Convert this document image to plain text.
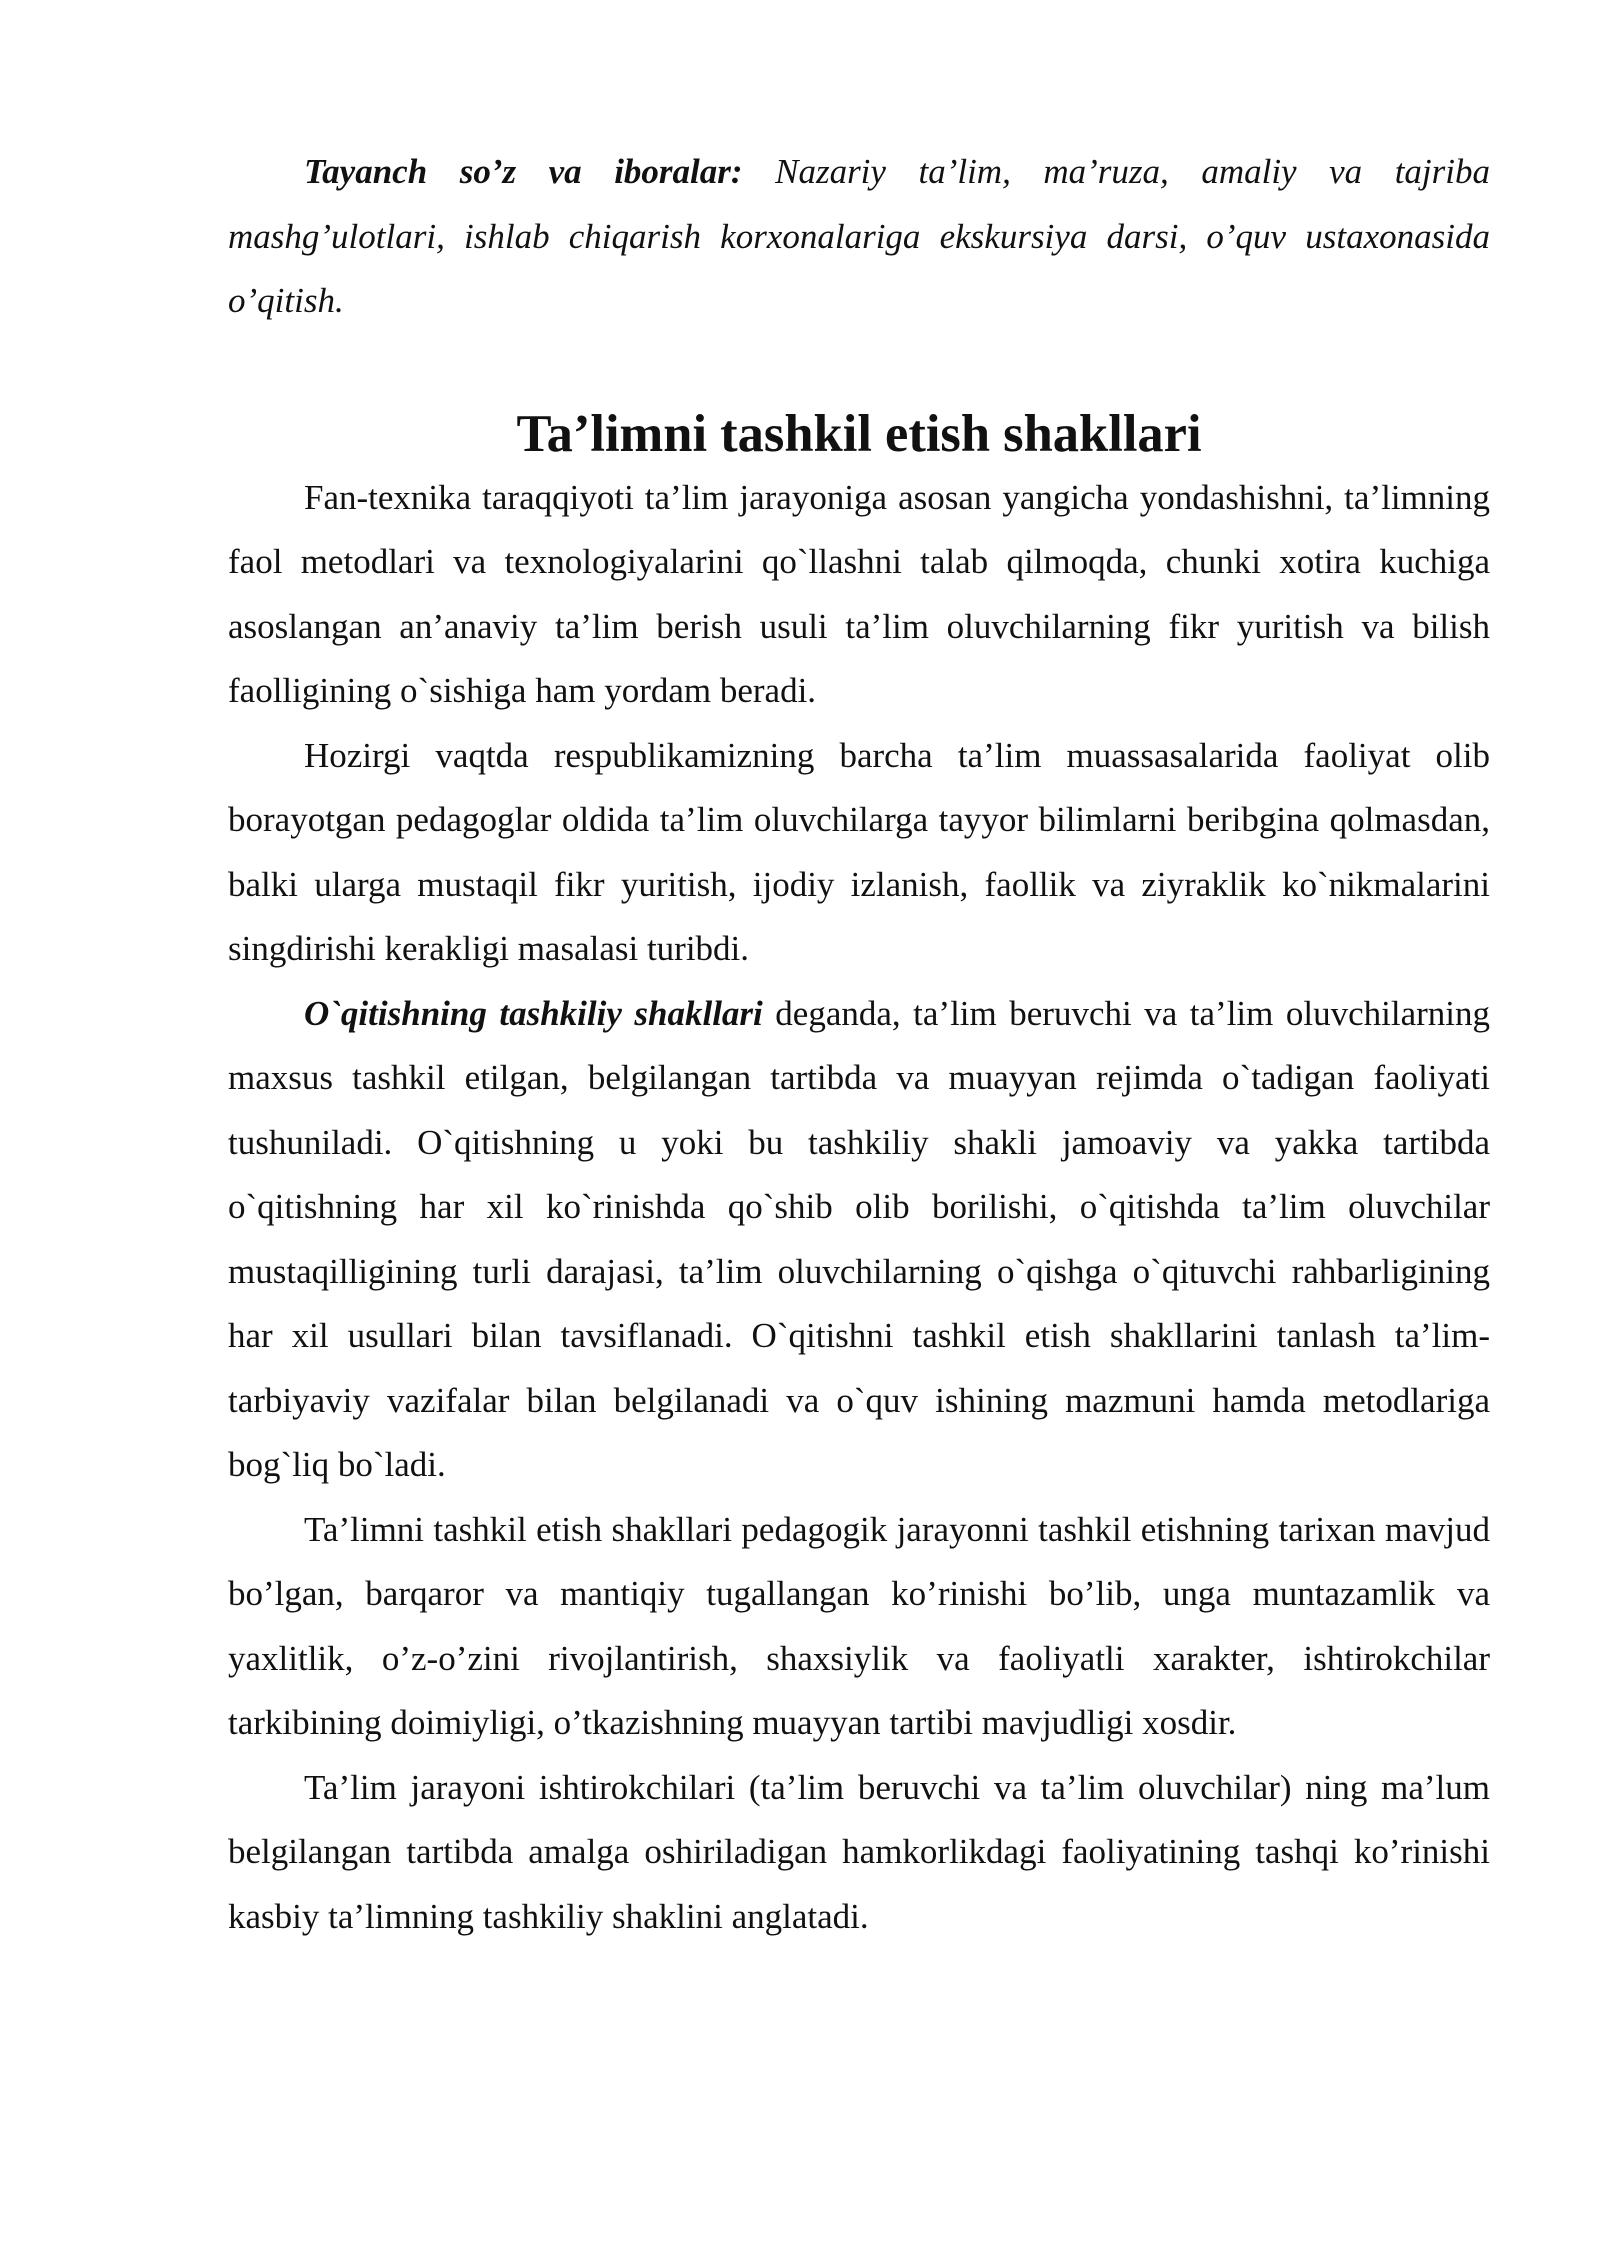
Tayanch so’z va iboralar: Nazariy ta’lim, ma’ruza, amaliy va tajriba mashg’ulotlari, ishlab chiqarish korxonalariga ekskursiya darsi, o’quv ustaxonasida o’qitish.

Ta’limni tashkil etish shakllari

Fan-texnika taraqqiyoti ta’lim jarayoniga asosan yangicha yondashishni, ta’limning faol metodlari va texnologiyalarini qo`llashni talab qilmoqda, chunki xotira kuchiga asoslangan an’anaviy ta’lim berish usuli ta’lim oluvchilarning fikr yuritish va bilish faolligining o`sishiga ham yordam beradi.

Hozirgi vaqtda respublikamizning barcha ta’lim muassasalarida faoliyat olib borayotgan pedagoglar oldida ta’lim oluvchilarga tayyor bilimlarni beribgina qolmasdan, balki ularga mustaqil fikr yuritish, ijodiy izlanish, faollik va ziyraklik ko`nikmalarini singdirishi kerakligi masalasi turibdi.

O`qitishning tashkiliy shakllari deganda, ta’lim beruvchi va ta’lim oluvchilarning maxsus tashkil etilgan, belgilangan tartibda va muayyan rejimda o`tadigan faoliyati tushuniladi. O`qitishning u yoki bu tashkiliy shakli jamoaviy va yakka tartibda o`qitishning har xil ko`rinishda qo`shib olib borilishi, o`qitishda ta’lim oluvchilar mustaqilligining turli darajasi, ta’lim oluvchilarning o`qishga o`qituvchi rahbarligining har xil usullari bilan tavsiflanadi. O`qitishni tashkil etish shakllarini tanlash ta’lim-tarbiyaviy vazifalar bilan belgilanadi va o`quv ishining mazmuni hamda metodlariga bog`liq bo`ladi.

Ta’limni tashkil etish shakllari pedagogik jarayonni tashkil etishning tarixan mavjud bo’lgan, barqaror va mantiqiy tugallangan ko’rinishi bo’lib, unga muntazamlik va yaxlitlik, o’z-o’zini rivojlantirish, shaxsiylik va faoliyatli xarakter, ishtirokchilar tarkibining doimiyligi, o’tkazishning muayyan tartibi mavjudligi xosdir.

Ta’lim jarayoni ishtirokchilari (ta’lim beruvchi va ta’lim oluvchilar) ning ma’lum belgilangan tartibda amalga oshiriladigan hamkorlikdagi faoliyatining tashqi ko’rinishi kasbiy ta’limning tashkiliy shaklini anglatadi.
